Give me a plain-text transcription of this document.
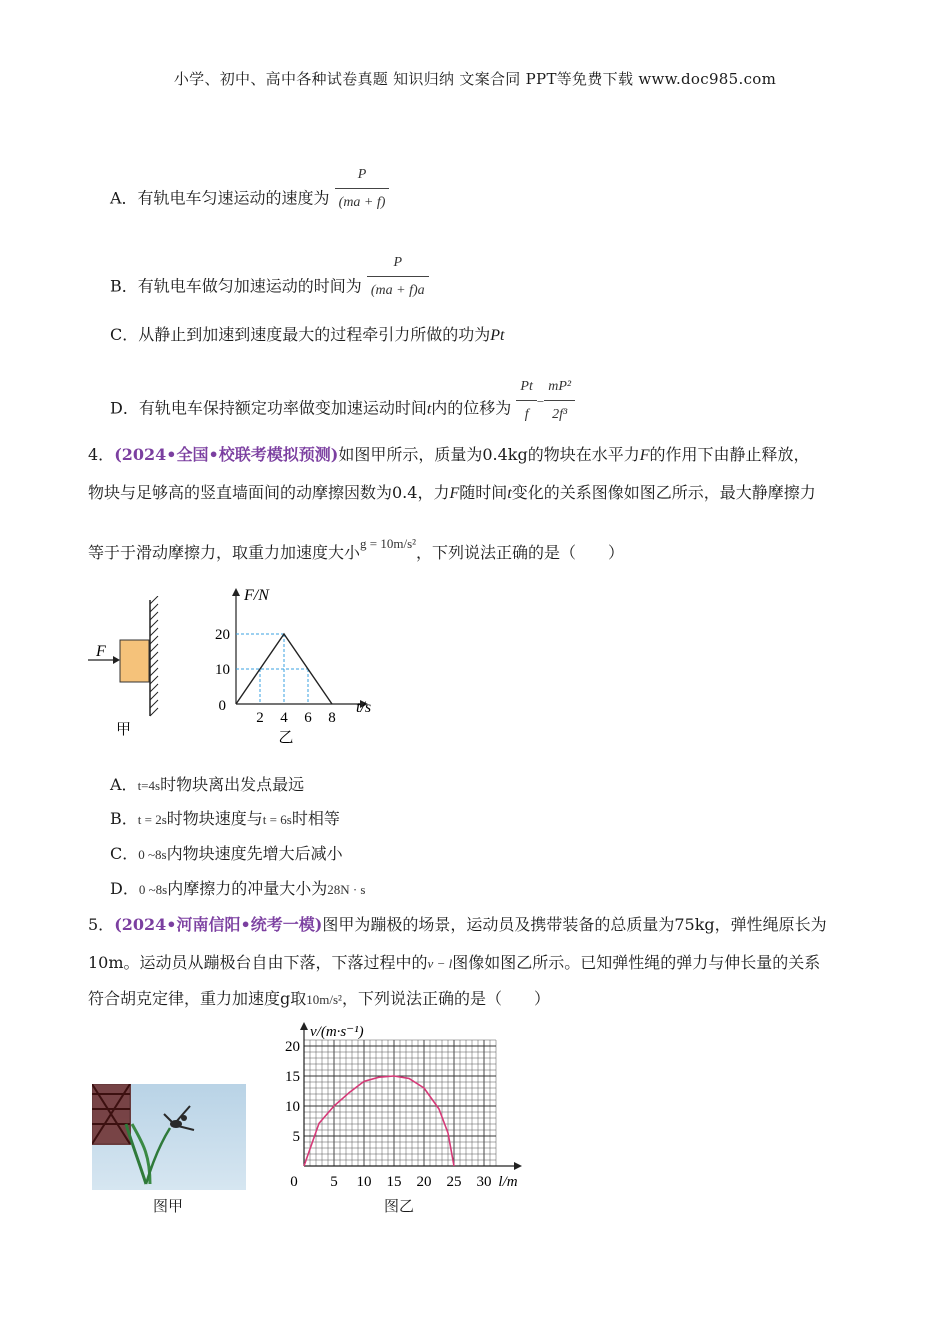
小学、初中、高中各种试卷真题 知识归纳 文案合同 PPT等免费下载 www.doc985.com
A．有轨电车匀速运动的速度为 $\frac{P}{(ma + f)}$
B．有轨电车做匀加速运动的时间为 $\frac{P}{(ma + f)a}$
C．从静止到加速到速度最大的过程牵引力所做的功为Pt
D．有轨电车保持额定功率做变加速运动时间t内的位移为 $\frac{Pt}{f} ^- \frac{\text{mP²}}{\text{2f³}}$
4．(2024•全国•校联考模拟预测)如图甲所示，质量为0.4kg的物块在水平力F的作用下由静止释放，
物块与足够高的竖直墙面间的动摩擦因数为0.4，力F随时间t变化的关系图像如图乙所示，最大静摩擦力
等于于滑动摩擦力，取重力加速度大小$^{g = 10m/s^2}$，下列说法正确的是（　　）
F
甲
2 4 6 8
10
20
0
F/N
t/s
乙
A．t=4s时物块离出发点最远
B．t = 2s时物块速度与t = 6s时相等
C．0 ~8s内物块速度先增大后减小
D．0 ~8s内摩擦力的冲量大小为28N · s
5．(2024•河南信阳•统考一模)图甲为蹦极的场景，运动员及携带装备的总质量为75kg，弹性绳原长为
10m。运动员从蹦极台自由下落，下落过程中的v − l图像如图乙所示。已知弹性绳的弹力与伸长量的关系
符合胡克定律，重力加速度g取10m/s²，下列说法正确的是（　　）
图甲
5 10 15 20 25 30
5
10
15
20
0
v/(m·s⁻¹)
l/m
图乙
